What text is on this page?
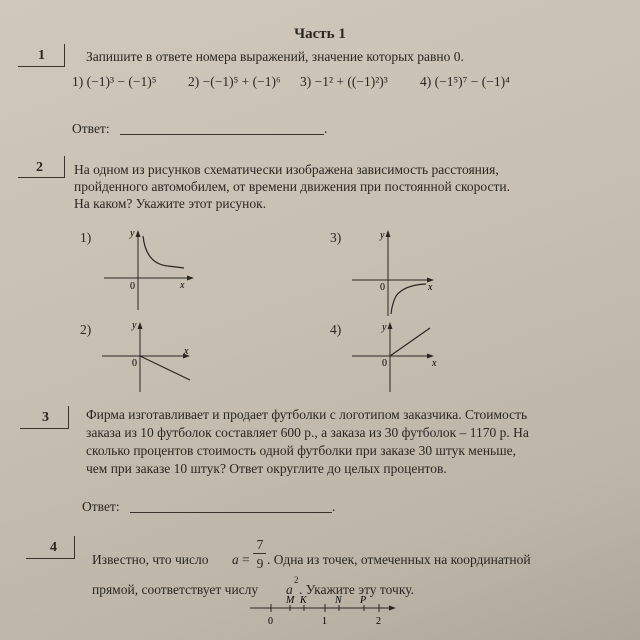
Часть 1
1	Запишите в ответе номера выражений, значение которых равно 0.
1) (−1)³ − (−1)⁵ 2) −(−1)⁵ + (−1)⁶ 3) −1² + ((−1)²)³ 4) (−1⁵)⁷ − (−1)⁴
Ответ:	.
2 На одном из рисунков схематически изображена зависимость расстояния,
пройденного автомобилем, от времени движения при постоянной скорости.
На каком? Укажите этот рисунок.
1)	y
x
0
2)	y
x
0
3)	y
x
0
4)	y
x
0
3	Фирма изготавливает и продает футболки с логотипом заказчика. Стоимость
заказа из 10 футболок составляет 600 р., а заказа из 30 футболок – 1170 р. На
сколько процентов стоимость одной футболки при заказе 30 штук меньше,
чем при заказе 10 штук? Ответ округлите до целых процентов.
Ответ:	.
4
Известно, что число a =
7
9 . Одна из точек, отмеченных на координатной
прямой, соответствует числу a
2
. Укажите эту точку.
M K	N P
0	1	2
